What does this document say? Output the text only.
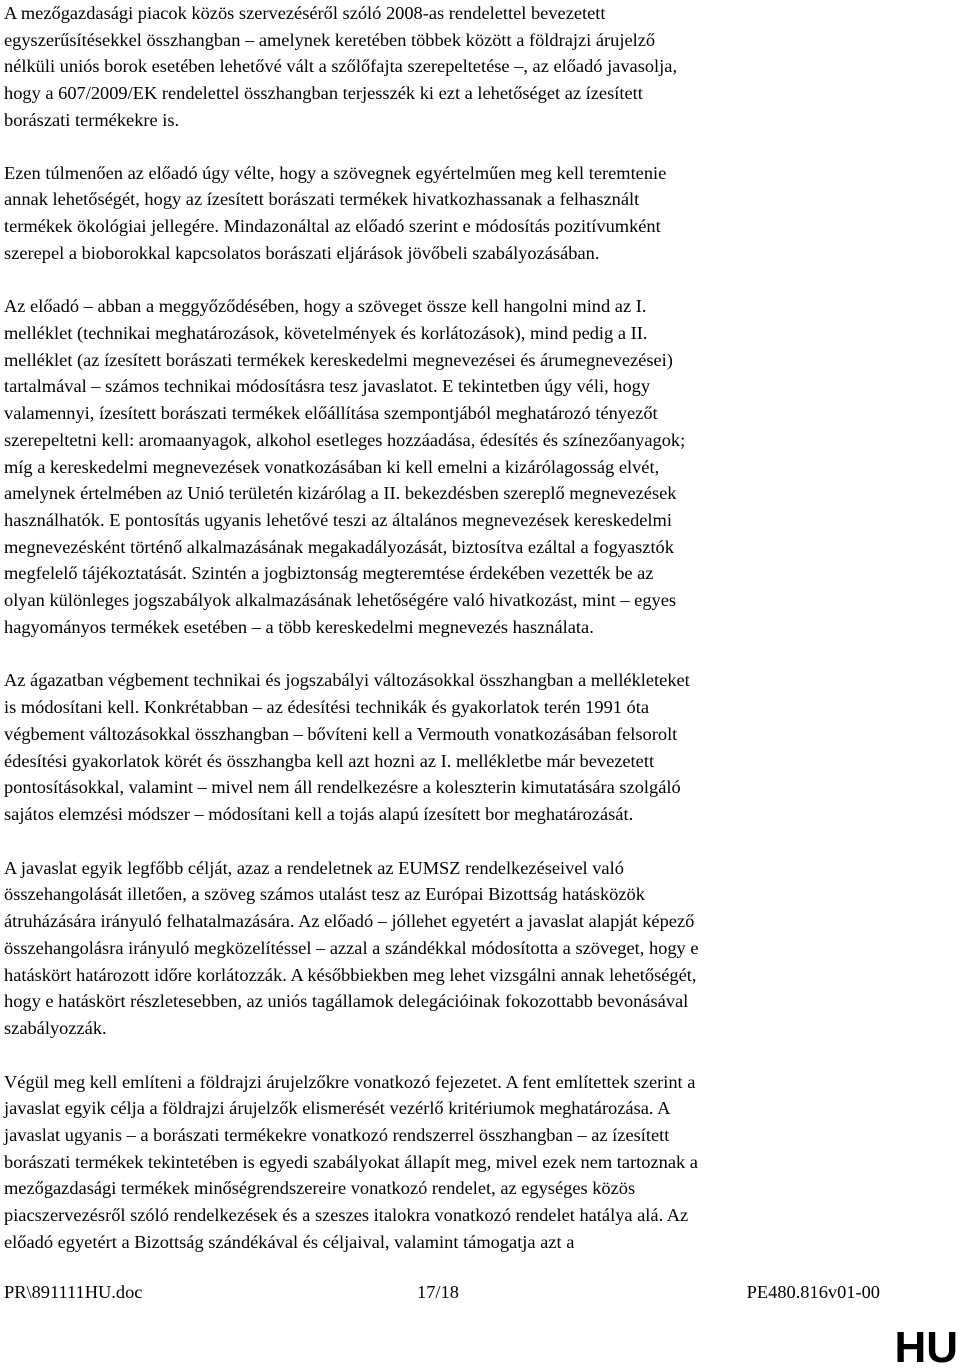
A mezőgazdasági piacok közös szervezéséről szóló 2008-as rendelettel bevezetett
egyszerűsítésekkel összhangban – amelynek keretében többek között a földrajzi árujelző
nélküli uniós borok esetében lehetővé vált a szőlőfajta szerepeltetése –, az előadó javasolja,
hogy a 607/2009/EK rendelettel összhangban terjesszék ki ezt a lehetőséget az ízesített
borászati termékekre is.

Ezen túlmenően az előadó úgy vélte, hogy a szövegnek egyértelműen meg kell teremtenie
annak lehetőségét, hogy az ízesített borászati termékek hivatkozhassanak a felhasznált
termékek ökológiai jellegére. Mindazonáltal az előadó szerint e módosítás pozitívumként
szerepel a bioborokkal kapcsolatos borászati eljárások jövőbeli szabályozásában.

Az előadó – abban a meggyőződésében, hogy a szöveget össze kell hangolni mind az I.
melléklet (technikai meghatározások, követelmények és korlátozások), mind pedig a II.
melléklet (az ízesített borászati termékek kereskedelmi megnevezései és árumegnevezései)
tartalmával – számos technikai módosításra tesz javaslatot. E tekintetben úgy véli, hogy
valamennyi, ízesített borászati termékek előállítása szempontjából meghatározó tényezőt
szerepeltetni kell: aromaanyagok, alkohol esetleges hozzáadása, édesítés és színezőanyagok;
míg a kereskedelmi megnevezések vonatkozásában ki kell emelni a kizárólagosság elvét,
amelynek értelmében az Unió területén kizárólag a II. bekezdésben szereplő megnevezések
használhatók. E pontosítás ugyanis lehetővé teszi az általános megnevezések kereskedelmi
megnevezésként történő alkalmazásának megakadályozását, biztosítva ezáltal a fogyasztók
megfelelő tájékoztatását. Szintén a jogbiztonság megteremtése érdekében vezették be az
olyan különleges jogszabályok alkalmazásának lehetőségére való hivatkozást, mint – egyes
hagyományos termékek esetében – a több kereskedelmi megnevezés használata.

Az ágazatban végbement technikai és jogszabályi változásokkal összhangban a mellékleteket
is módosítani kell. Konkrétabban – az édesítési technikák és gyakorlatok terén 1991 óta
végbement változásokkal összhangban – bővíteni kell a Vermouth vonatkozásában felsorolt
édesítési gyakorlatok körét és összhangba kell azt hozni az I. mellékletbe már bevezetett
pontosításokkal, valamint – mivel nem áll rendelkezésre a koleszterin kimutatására szolgáló
sajátos elemzési módszer – módosítani kell a tojás alapú ízesített bor meghatározását.

A javaslat egyik legfőbb célját, azaz a rendeletnek az EUMSZ rendelkezéseivel való
összehangolását illetően, a szöveg számos utalást tesz az Európai Bizottság hatásközök
átruházására irányuló felhatalmazására. Az előadó – jóllehet egyetért a javaslat alapját képező
összehangolásra irányuló megközelítéssel – azzal a szándékkal módosította a szöveget, hogy e
hatáskört határozott időre korlátozzák. A későbbiekben meg lehet vizsgálni annak lehetőségét,
hogy e hatáskört részletesebben, az uniós tagállamok delegációinak fokozottabb bevonásával
szabályozzák.

Végül meg kell említeni a földrajzi árujelzőkre vonatkozó fejezetet. A fent említettek szerint a
javaslat egyik célja a földrajzi árujelzők elismerését vezérlő kritériumok meghatározása. A
javaslat ugyanis – a borászati termékekre vonatkozó rendszerrel összhangban – az ízesített
borászati termékek tekintetében is egyedi szabályokat állapít meg, mivel ezek nem tartoznak a
mezőgazdasági termékek minőségrendszereire vonatkozó rendelet, az egységes közös
piacszervezésről szóló rendelkezések és a szeszes italokra vonatkozó rendelet hatálya alá. Az
előadó egyetért a Bizottság szándékával és céljaival, valamint támogatja azt a

PR\891111HU.doc	17/18	PE480.816v01-00
HU
